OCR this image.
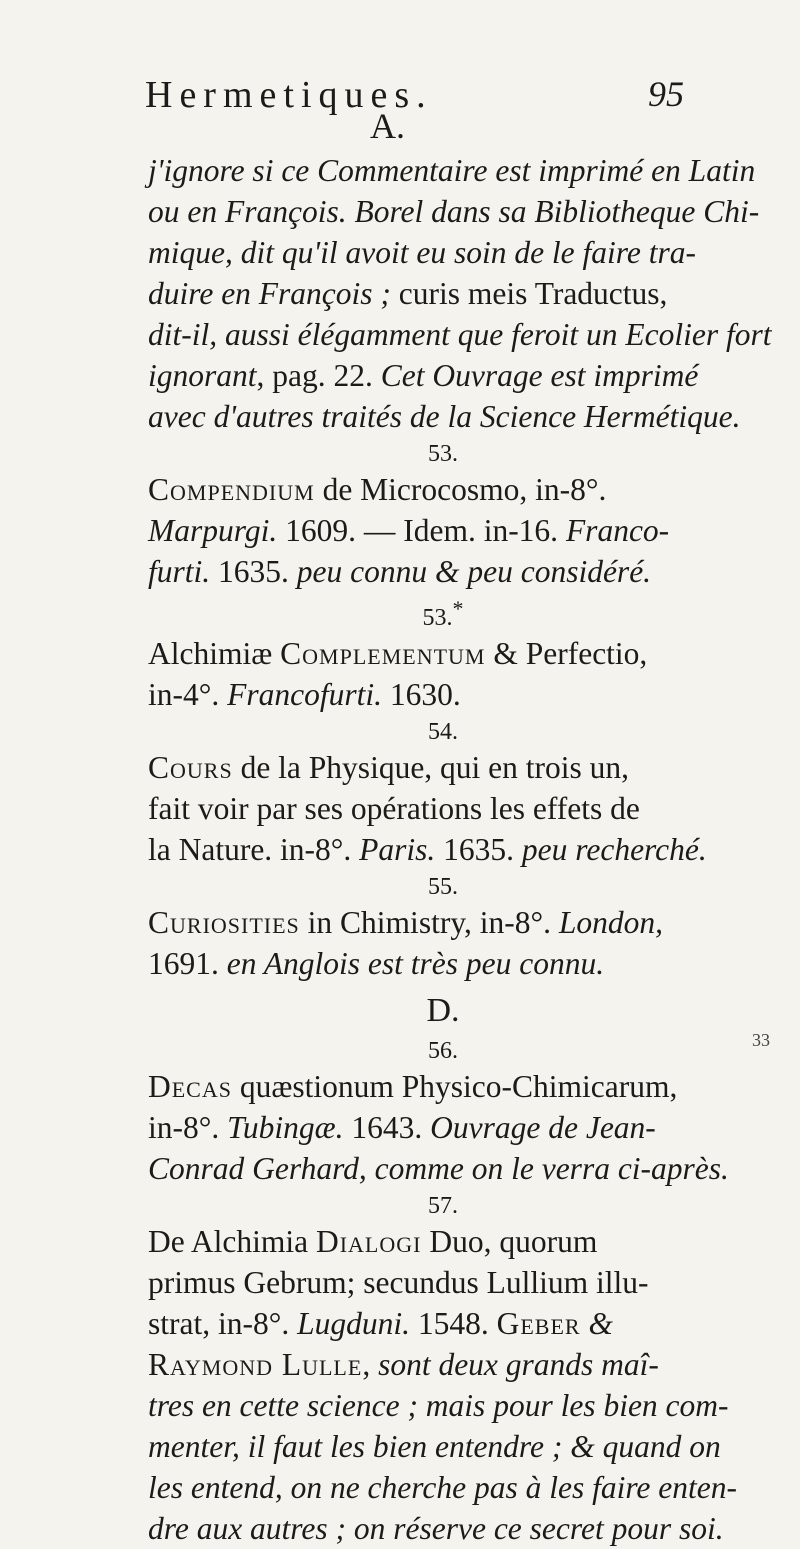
Hermetiques.	95
A.
j'ignore si ce Commentaire est imprimé en Latin
ou en François. Borel dans sa Bibliotheque Chi-
mique, dit qu'il avoit eu soin de le faire tra-
duire en François ; curis meis Traductus,
dit-il, aussi élégamment que feroit un Ecolier fort
ignorant, pag. 22. Cet Ouvrage est imprimé
avec d'autres traités de la Science Hermétique.
53.
Compendium de Microcosmo, in-8°.
Marpurgi. 1609. — Idem. in-16. Franco-
furti. 1635. peu connu & peu considéré.
53.*
Alchimiæ Complementum & Perfectio,
in-4°. Francofurti. 1630.
54.
Cours de la Physique, qui en trois un,
fait voir par ses opérations les effets de
la Nature. in-8°. Paris. 1635. peu recherché.
55.
Curiosities in Chimistry, in-8°. London,
1691. en Anglois est très peu connu.
D.
56.
Decas quæstionum Physico-Chimicarum,
in-8°. Tubingæ. 1643. Ouvrage de Jean-
Conrad Gerhard, comme on le verra ci-après.
57.
De Alchimia Dialogi Duo, quorum
primus Gebrum; secundus Lullium illu-
strat, in-8°. Lugduni. 1548. Geber &
Raymond Lulle, sont deux grands maî-
tres en cette science ; mais pour les bien com-
menter, il faut les bien entendre ; & quand on
les entend, on ne cherche pas à les faire enten-
dre aux autres ; on réserve ce secret pour soi.
33
